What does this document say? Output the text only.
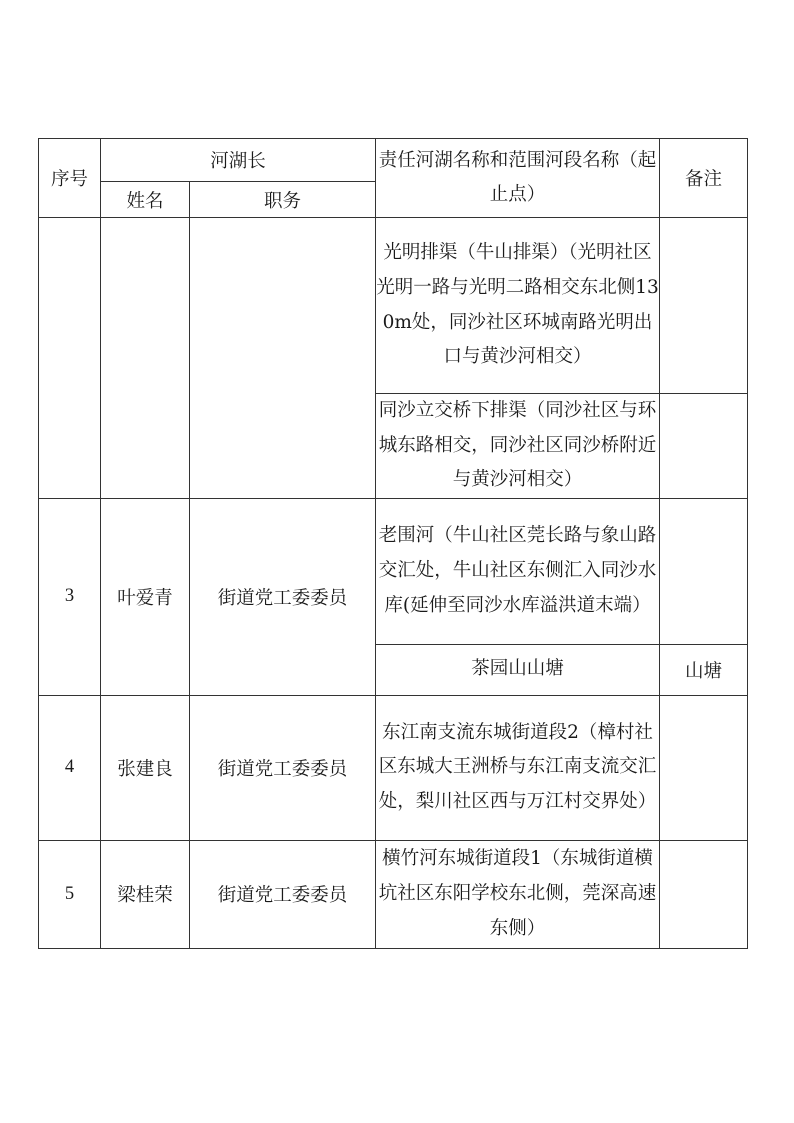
序号	河湖长		责任河湖名称和范围河段名称（起止点）	备注
	姓名	职务		
			光明排渠（牛山排渠）（光明社区光明一路与光明二路相交东北侧130m处，同沙社区环城南路光明出口与黄沙河相交）	
			同沙立交桥下排渠（同沙社区与环城东路相交，同沙社区同沙桥附近与黄沙河相交）	
3	叶爱青	街道党工委委员	老围河（牛山社区莞长路与象山路交汇处，牛山社区东侧汇入同沙水库(延伸至同沙水库溢洪道末端）	
			茶园山山塘	山塘
4	张建良	街道党工委委员	东江南支流东城街道段2（樟村社区东城大王洲桥与东江南支流交汇处，梨川社区西与万江村交界处）	
5	梁桂荣	街道党工委委员	横竹河东城街道段1（东城街道横坑社区东阳学校东北侧，莞深高速东侧）	
